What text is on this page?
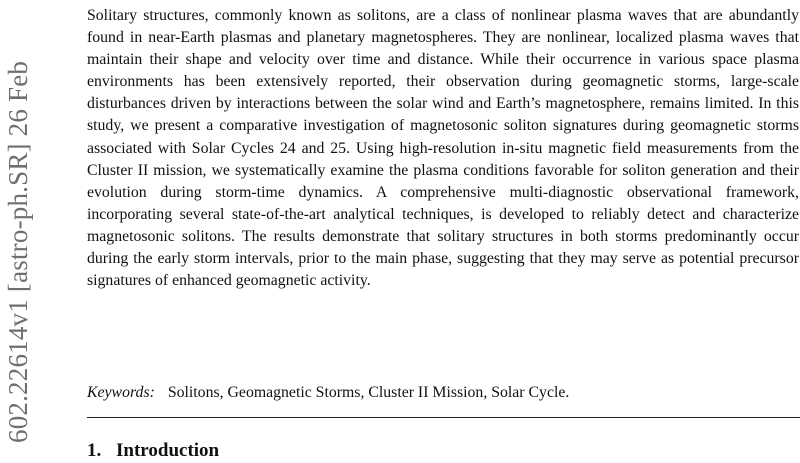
602.22614v1 [astro-ph.SR] 26 Feb

Solitary structures, commonly known as solitons, are a class of nonlinear plasma waves that are abundantly found in near-Earth plasmas and planetary magnetospheres. They are nonlinear, localized plasma waves that maintain their shape and velocity over time and distance. While their occurrence in various space plasma environments has been extensively reported, their observation during geomagnetic storms, large-scale disturbances driven by interactions between the solar wind and Earth’s magnetosphere, remains limited. In this study, we present a comparative investigation of magnetosonic soliton signatures during geomagnetic storms associated with Solar Cycles 24 and 25. Using high-resolution in-situ magnetic field measurements from the Cluster II mission, we systematically examine the plasma conditions favorable for soliton generation and their evolution during storm-time dynamics. A comprehensive multi-diagnostic observational framework, incorporating several state-of-the-art analytical techniques, is developed to reliably detect and characterize magnetosonic solitons. The results demonstrate that solitary structures in both storms predominantly occur during the early storm intervals, prior to the main phase, suggesting that they may serve as potential precursor signatures of enhanced geomagnetic activity.

Keywords: Solitons, Geomagnetic Storms, Cluster II Mission, Solar Cycle.

1. Introduction
